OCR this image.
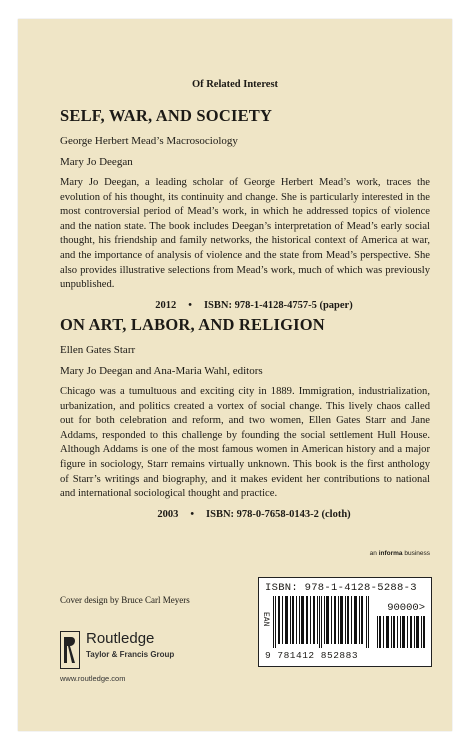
Of Related Interest
SELF, WAR, AND SOCIETY
George Herbert Mead’s Macrosociology
Mary Jo Deegan

Mary Jo Deegan, a leading scholar of George Herbert Mead’s work, traces the evolution of his thought, its continuity and change. She is particularly interested in the most controversial period of Mead’s work, in which he addressed topics of violence and the nation state. The book includes Deegan’s interpretation of Mead’s early social thought, his friendship and family networks, the historical context of America at war, and the importance of analysis of violence and the state from Mead’s perspective. She also provides illustrative selections from Mead’s work, much of which was previously unpublished.

2012 • ISBN: 978-1-4128-4757-5 (paper)
ON ART, LABOR, AND RELIGION
Ellen Gates Starr
Mary Jo Deegan and Ana-Maria Wahl, editors

Chicago was a tumultuous and exciting city in 1889. Immigration, industrialization, urbanization, and politics created a vortex of social change. This lively chaos called out for both celebration and reform, and two women, Ellen Gates Starr and Jane Addams, responded to this challenge by founding the social settlement Hull House. Although Addams is one of the most famous women in American history and a major figure in sociology, Starr remains virtually unknown. This book is the first anthology of Starr’s writings and biography, and it makes evident her contributions to national and international sociological thought and practice.

2003 • ISBN: 978-0-7658-0143-2 (cloth)
an informa business
ISBN: 978-1-4128-5288-3
90000>
EAN
9 781412 852883
Cover design by Bruce Carl Meyers
Routledge
Taylor & Francis Group
www.routledge.com
